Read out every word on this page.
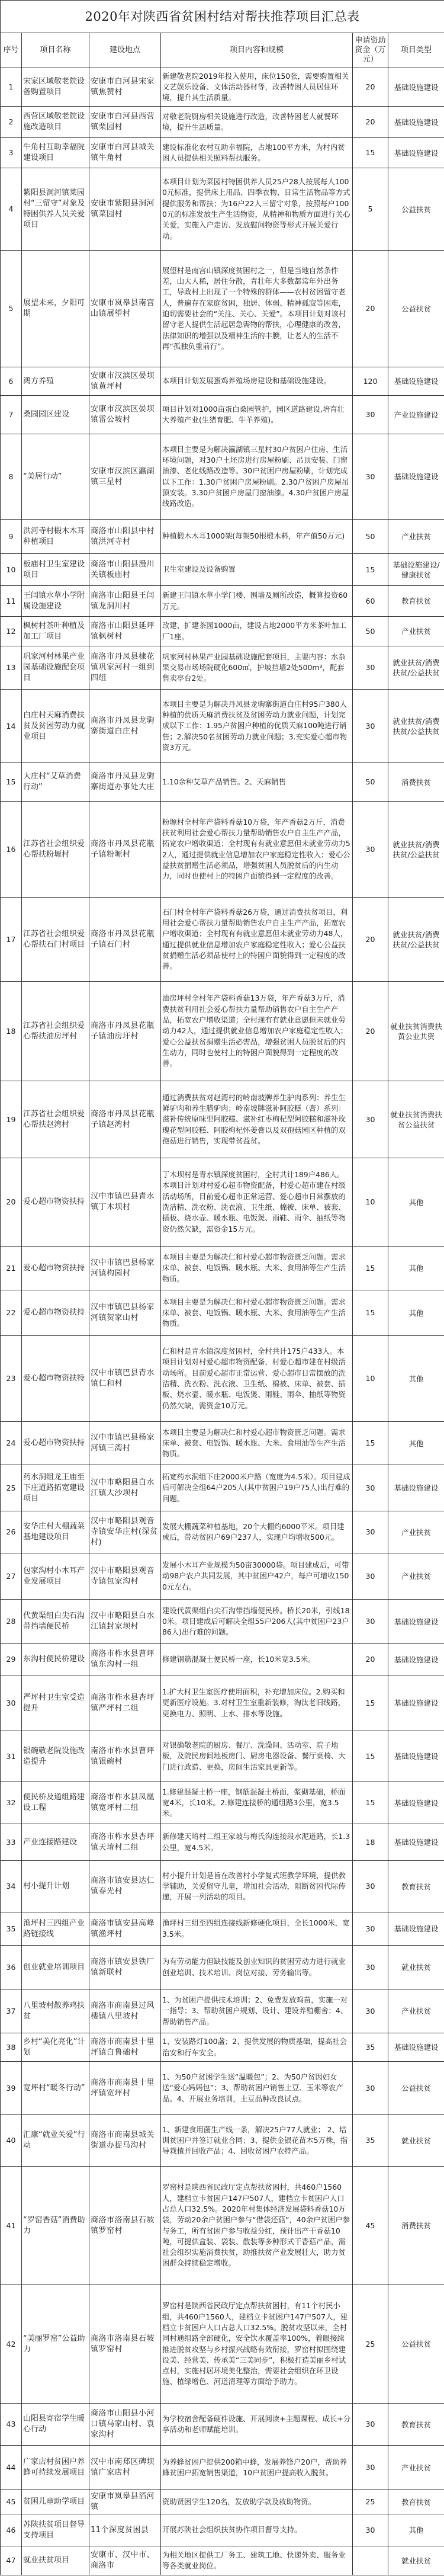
2020年对陕西省贫困村结对帮扶推荐项目汇总表					
序号	项目名称	建设地点	项目内容和规模	申请资助资金（万元）	项目类型
1	宋家区域敬老院设备购置项目	安康市白河县宋家镇焦赞村	新建敬老院2019年投入使用，床位150张，需要购置相关文艺娱乐设备、文体活动器材等，改善特困人员居住环境，提升其生活质量。	20	基础设施建设
2	西营区域敬老院设施改造项目	安康市白河县西营镇栗园村	对敬老院厨房相关设施进行改造，改善特困老人就餐环境，提升生活质量。	20	基础设施建设
3	牛角村互助幸福院建设项目	安康市白河县城关镇牛角村	建设标准化农村互助幸福院，占地100平方米，为村内贫困人员提供相关照料帮扶服务。	15	基础设施建设
4	紫阳县洞河镇菜园村“三留守”对象及特困供养人员关爱项目	安康市紫阳县洞河镇菜园村	本项目计划为菜园村特困供养人员25户28人按展每人1000元标准，提供床上用品、四季衣物、日常生活物品等方式提供服务和帮扶；为16户22人三留守对象，按照每户1000元的标准发放生产生活物资，从精神和物质方面进行关心关爱，实施入户走访、发放慰问物资等形式开展关爱行动。	5	公益扶贫
5	展望未来，夕阳可期	安康市岚皋县南宫山镇展望村	展望村是南宫山镇深度贫困村之一，但是当地自然条件差，山大人稀，居住分散，青壮年大多数都常年外出务工，导政村上出现了一个特殊的群体——农村贫困留守老人，普遍存在家庭贫困，独居、体弱、精神孤寂等困难，迫切需要社会的“关注、关心、关爱”。本项目计划对该村留守老人提供生活起居急需物的帮扶，心理健康的改善，法律知识的增强以及精神生活的丰腴，让老人的生活不再“孤独负重前行”。	20	公益扶贫
6	鸿方养殖	安康市汉滨区晏坝镇黄坪村	本项目计划发展蛋鸡养殖场房建设和基础设施建设。	120	基础设施建设
7	桑园园区建设	安康市汉滨区晏坝镇雷公坡村	项目计划对1000亩蛋白桑园管护，园区道路建设,培育壮大养殖产业(生猪育肥、牛羊养殖)。	30	产业设施建设
8	“美居行动”	安康市汉滨区瀛湖镇三星村	本项目主要是为解决瀛湖镇三星村30户贫困户住房、生活环境问题，对30户土坯房进行房屋粉刷、吊顶安装、门窗油漆、老化线路改造等。30户贫困户房屋粉刷，计划完成以下工作：1.30户贫困户房屋粉刷。2.30户贫困户房屋吊顶安装。3.30户贫困户房屋门窗油漆。4.30户贫困户房屋线路改造。	30	基础设施建设
9	洪河寺村椴木木耳种植项目	商洛市山阳县中村镇洪河寺村	种植椴木木耳1000架(每架50根椴木料，年产值50万元)	50	产业扶贫
10	板庙村卫生室建设项目	商洛市山阳县漫川关镇板庙村	卫生室建设及设备购置	15	基础设施建设/健康扶贫
11	王闫镇水草小学附属设施建设	商洛市山阳县王闫镇龙洞川村	新建王闫镇水草小学门楼、围墙及厕所改造，概算投资60万元。	60	教育扶贫
12	枫树村茶叶种植及加工厂项目	商洛市山阳县延坪镇枫树村	改建、扩建茶园1000亩，建设占地2000平方米茶叶加工厂1座。	50	产业扶贫
13	巩家河村林果产业园基础设施配套项目	商洛市丹凤县棣花镇巩家河村一组到四组	巩家河村林果产业园基础设施配套项目，主要内容：水杂果交易市场场院硬化600㎡，护坡挡墙2处500m³，配套售卖亭台2处。	30	就业扶贫/消费扶贫/公益扶贫
14	白庄村天麻消费扶贫及贫困劳动力就业项目	商洛市丹凤县龙驹寨街道白庄村	本项目主要是为解决丹凤县龙驹寨街道白庄村95户380人种植的优质天麻消费扶贫及贫困劳动力就业问题，计划完成以下工作：1.95户贫困户种植的优质天麻100吨进行销售；2.解决50名贫困劳动力就业问题；3.充实爱心超市物资3万元。	30	就业扶贫/消费扶贫/公益扶贫
15	大庄村“艾草消费行动”	商洛市丹凤县龙驹寨街道办事处大庄	1.10余种艾草产品销售。2、天麻销售	50	消费扶贫
16	江苏省社会组织爱心帮扶粉塬村	商洛市丹凤县花瓶子镇粉塬村	粉塬村全村年产袋料香菇10万袋，年产香菇2万斤，消费扶贫利用社会爱心帮扶力量帮助销售农户自主生产产品，拓宽农户增收渠道；全村现有有就业意愿但未就业劳动力52人，通过提供就业信息增加农户家庭稳定性收入；爱心公益扶贫捐赠生活必须品，增强贫困人员脱贫后的内生动力，同时也使村上的特困户面貌得到一定程度的改善。	30	就业扶贫/消费扶贫/公益扶贫
17	江苏省社会组织爱心帮扶石门村项目	商洛市丹凤县花瓶子镇石门村	石门村全村年产袋料香菇26万袋，通过消费扶贫项目，利用社会爱心帮扶力量帮助销售农户自主生产产品，拓宽农户增收渠道；全村现有有就业意愿但未就业劳动力48人，通过提供就业信息增加农户家庭稳定性收入；爱心公益扶贫捐赠生活必须品使村上的特困户面貌得到一定程度的改善。	20	就业扶贫/消费扶贫/公益扶贫
18	江苏省社会组织爱心帮扶油房坪村	商洛市丹凤县花瓶子镇油房圩村	油房坪村全村年产袋料香菇13万袋，年产香菇3万斤，消费扶贫利用社会爱心帮扶力量帮助销售农户自主生产产品，拓宽农户增收渠道；全村现有有就业意愿但未就业劳动力42人，通过提供就业信息增加农户家庭稳定性收入；爱心公益扶贫捐赠生活必需品，增强贫困人员脱贫后的内生动力，同时也使村上的特困户面貌得到一定程度的改善。	20	就业扶贫消费扶黄公业共资
19	江苏省社会组织爱心帮扶赵湾村	商洛市丹凤县花瓶子镇赵湾村	通过消费扶贫对赵湾村的岭南坡牌养生驴肉系列：养生生鲜驴肉和养生腊驴肉；岭南坡牌滋补阿胶糕（膏）系列：滋补传统原味型阿胶糕、滋补红枣枸杞型阿胶糕和滋补玫瑰花型阿胶糕、阿胶枸杞怀姜膏以及双孢菇园区种植的双孢菇进行销售，实现带贫益贫。	30	就业扶贫消费扶贫公益扶贫
20	爱心超市物资扶持	汉中市镇巴县青水镇丁木坝村	丁木坝村是青水镇深度贫困村，全村共计189户486人。本项目计划对村爱心超市物资配备，村爱心超市建在村级活动场所，目前爱心超市正常运营、爱心超市日常摆放的洗洁精、洗衣粉、洗衣液、卫生纸、棉被、床单、被套、插板、烧水壶、暖水瓶、电饭煲、雨鞋、雨伞、抽纸等物资仍然欠缺，需资金15万元。	10	其他
21	爱心超市物资扶持	汉中市镇巴县杨家河镇构园村	本项目主要是为解决仁和村爱心超市物资匮乏问题。需求床单、被套、电饭锅、暖水瓶、大米、食用油等生产生活物质。	15	其他
22	爱心超市物资扶持	汉中市镇巴县杨家河镇贺家山村	本项目主要是为解决仁和村爱心超市物资匮乏问题。需求床单、被套、电饭锅、暖水瓶、大米、食用油等生产生活物质。	15	其他
23	爱心超市物资扶特	汉中市镇巴县青水镇仁和村	仁和村是青水镇深度贫困村，全村共计175户433人。本项目计划对村爱心超市物资配备，村爱心超市建在村级活动场所。目前爱心超市正常运营、爱心超市日常摆放的洗洁精、洗衣粉、洗衣液、卫生纸、棉被、床单、被套、插板、烧水壶、暖水瓶、电饭煲、雨鞋、雨伞、抽纸等物资仍然欠缺，需资金10万元。	10	其他
24	爱心超市物资扶持	汉中市镇巴县杨家河镇三湾村	本项目主要是为解决仁和村爱心超市物资匮乏问题。需求床单、被套、电饭锅、暖水瓶、大米、食用油等生产生活物质。	15	其他
25	药水洞组龙王庙至下庄道路拓宽建设项目	汉中市略阳县白水江镇大沙坝村	拓宽药水洞组下庄2000米户路（宽度为4.5米）。项目建成后可解决全组64户205人(其中贫困户19户75人)出行难的问题。	30	基础设施建设
26	安华庄村大棚蔬菜基地建设项目	汉中市略阳县观音寺镇安华庄村(深贫村)	发展大棚蔬菜种植基地，20个大棚约6000平米。项目建成后，带动贫困户69户237人，实现户均增收500元。	30	产业扶贫
27	包家沟村小木耳产业发展项目	汉中市略阳县观音寺镇包家沟村	发展小木耳产业规模为50亩30000袋。项目建成后，可带动98户农户共同发展，其中贫困户42户，每户可增收1500元左右。	30	产业扶贫
28	代黄渠组白尖石沟带挡墙便民桥	汉中市略阳县白水江镇封家坝村	建设代黄渠组白尖石沟带挡墙便民桥。桥长20米，引线180米。项目建成后可解决全组55户206人(其中贫困户23户86人)出行难的问题。	30	基础设施建设
29	东沟村便民桥建设	商洛市柞水县曹坪镇东沟村一组	修建钢筋混凝土便民桥一座，长10米宽3.5米。	20	基础设施建设
30	严坪村卫生室受造提升	商洛市柞水县杏坪镇严坪村二组	1.扩大村卫生室医疗使用面积，补充增加床位。2.购买和更新医疗设施。3.对村卫生室重新装修，淘汰老旧线路，更换电力、照明、上水、排水等设施。	15	基础设施建设
31	银碗敬老院设施改造提升	南洛市柞水县曹坪镇银碗村	对银确敬老院的厨房、餐厅、洗澡间、活动室、院子地板，及院民房间地板房门、厨房电器设备、餐厅桌椅、大门进行政造、更换，房间生活家具更新等。	15	基础设施建设
32	便民桥及通组路建设工程	商洛市柞水县凤凰镇宽坪村二组	1.修建混凝土桥一座，钢筋混凝土桥面，浆砌基础，桥面宽4米，长10米。2.修建连接桥的通组路3公里，宽3.5米。	15	基础设施建设
33	产业连接路建设	商洛市柞水县杏坪镇天堉村二组	新修建天堉村二组王家坡与梅氏沟连接段水泥道路，长1.3公里，宽4.5米。	18	基础设施建设
34	村小提升计划	商洛市镇安县达仁镇春光村	村小提升计划是旨在改善村小学复式班教学环境，提供教学辅助，关爱留守儿童，增加社会活动，阻断贫困代际传递，开展一列活动的项目。	30	教育扶贫
35	渔坪村三四组产业路链接线	商洛市镇安县高峰镇渔坪村	渔坪村三组至四组连接线新修硬化项目，全长1000米，宽3.5米。	30	基础设施建设
36	创业就业培训项目	商洛市镇安县铁厂镇新联村	为有劳动能力但缺技能及创业知识的贫困劳动力进行就业创业培训、技术培训、岗位对接、劳务输出等。	30	就业扶贫
37	八里坡村散养鸡扶贫	商洛市商南县过风楼镇八里坡村	1、为贫困户提供技术培训；2、免费发放鸡苗，实施一对一指导；3、帮助贫困户规划、设计、建设养殖棚舍；4、帮助销售产品。	30	产业扶贫
38	乡村“美化亮化”计划	商洛市商南县十里坪镇白鲁础村	1、安装路灯100盏；2、提供发展的物质基础，提高社会治安和行车安全。	35	基础设施建设
39	宽坪村“暖冬行动”	商洛市商南县十里坪镇宽坪村	1、为50户贫困学生送“温暖包”；2、为50户贫因妇女送“爱心妈妈包”；3、帮助贫困户销售土豆、玉米等农产品。4、开展业务培训，土豆品种改良试点。	30	公益扶贫
40	汇康“就业关爱”行动	商洛市商南县城关街道办捉马沟村	1、新建食用菌生产线一条，解决25户77人就业； 2、培训贫困户并签订就业合同；3、提供金银花苗木5万株，指导栽植并回收产品；4、回收贫困户农特产品。	35	就业扶贫
41	“罗窑香菇”消费助力	商洛市洛南县石坡镇罗窑村	罗窑村是陕西省民政厅定点帮扶贫困村，共460户1560人，建档立卡贫困户147户507人，建档立卡贫困户人口占总人口32.5%。2020年村集体经济发展袋料香菇10万袋，劳动20余户贫困户参与“借袋还菇”，40余户贫困户参与务工，所有贫困户参与收益分红，预计出产干香菇10吨，可提供盒装、袋装、散装等多种形式干香菇产品，需社会组织实施消费扶贫，助推扶贫产业发展壮大，助力贫困群众持续稳定增收。	45	消费扶贫
42	“美丽罗窑”公益助力	商洛市洛南县石坡镇罗窑村	罗窑村是陕西省民政厅定点帮扶贫困村，有11个村民小组，共460户1560人，建档立卡贫困户147户507人，建档立卡贫困户人口占总人口32.5%。脱贫攻坚以来，全村同村通组路全部硬化，安全饮水覆盖率100%，着眼接续推进脱贫攻坚与乡村振兴战略有效衔接，罗窑村拟围绕建设美、经营美、传承美“三美同步”，积极打造美丽乡村试点村，实施村居环境美化整治，需要社会组织在环卫设施、植绿增色、河道清理等方面给予助力。	25	公益扶贫
43	山阳县寄宿学生暖心行动	商洛市山阳县小河口镇马家山村、袁家沟村	为学校宿舍配备硬件设施、开展阅读+主题课程、成长+分享活动和老师赋能培训。	30	教育扶贫
44	广家店村贫困户养蜂可持续发展项目	汉中市南郑区碑坝镇广家店村	为养蜂贫困户提供200箱中蜂，发展养锋户20户，帮助养蜂贫困户拓宽销售渠道，10户贫困户提高收入脱贫。	30	产业扶贫
45	贫困儿童助学项目	安康市岚皋县滔河镇	资助贤困学生120名，发放助学款及救助物资。	25	教育扶贫
46	苏陕扶贫项目督导支持项目	11个深度贫困县	开展苏陕社会组织扶贫协作项目督导支持。	30	其他
47	就业扶贫项目	安康市、汉中市、商洛市	为相关地区提供工厂务工、建筑工地、快递外卖、服务业等各类就业岗位。		就业扶贫
